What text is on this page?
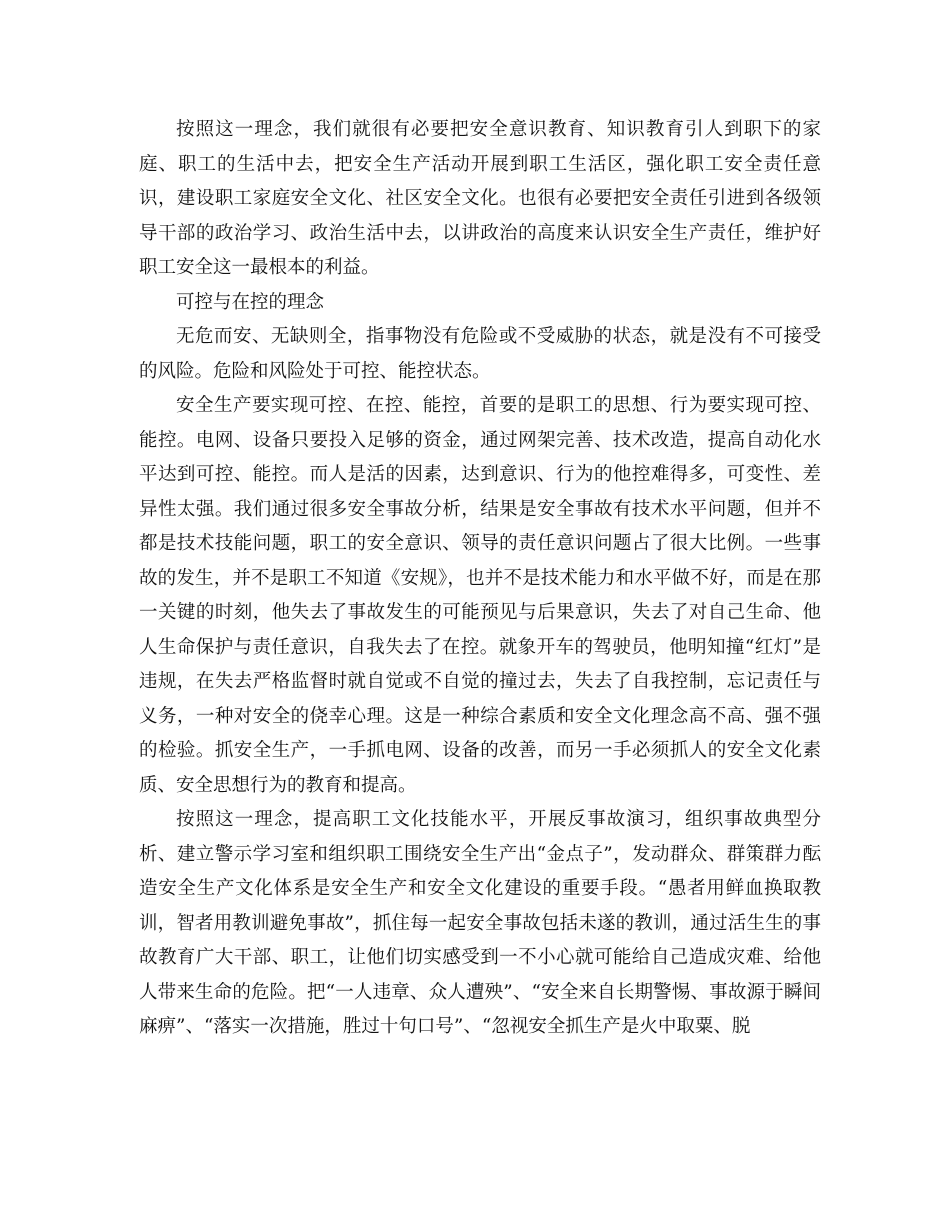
按照这一理念，我们就很有必要把安全意识教育、知识教育引人到职下的家庭、职工的生活中去，把安全生产活动开展到职工生活区，强化职工安全责任意识，建设职工家庭安全文化、社区安全文化。也很有必要把安全责任引进到各级领导干部的政治学习、政治生活中去，以讲政治的高度来认识安全生产责任，维护好职工安全这一最根本的利益。

可控与在控的理念

无危而安、无缺则全，指事物没有危险或不受威胁的状态，就是没有不可接受的风险。危险和风险处于可控、能控状态。

安全生产要实现可控、在控、能控，首要的是职工的思想、行为要实现可控、能控。电网、设备只要投入足够的资金，通过网架完善、技术改造，提高自动化水平达到可控、能控。而人是活的因素，达到意识、行为的他控难得多，可变性、差异性太强。我们通过很多安全事故分析，结果是安全事故有技术水平问题，但并不都是技术技能问题，职工的安全意识、领导的责任意识问题占了很大比例。一些事故的发生，并不是职工不知道《安规》，也并不是技术能力和水平做不好，而是在那一关键的时刻，他失去了事故发生的可能预见与后果意识，失去了对自己生命、他人生命保护与责任意识，自我失去了在控。就象开车的驾驶员，他明知撞“红灯”是违规，在失去严格监督时就自觉或不自觉的撞过去，失去了自我控制，忘记责任与义务，一种对安全的侥幸心理。这是一种综合素质和安全文化理念高不高、强不强的检验。抓安全生产，一手抓电网、设备的改善，而另一手必须抓人的安全文化素质、安全思想行为的教育和提高。

按照这一理念，提高职工文化技能水平，开展反事故演习，组织事故典型分析、建立警示学习室和组织职工围绕安全生产出“金点子”，发动群众、群策群力酝造安全生产文化体系是安全生产和安全文化建设的重要手段。“愚者用鲜血换取教训，智者用教训避免事故”，抓住每一起安全事故包括未遂的教训，通过活生生的事故教育广大干部、职工，让他们切实感受到一不小心就可能给自己造成灾难、给他人带来生命的危险。把“一人违章、众人遭殃”、“安全来自长期警惕、事故源于瞬间麻痹”、“落实一次措施，胜过十句口号”、“忽视安全抓生产是火中取粟、脱
